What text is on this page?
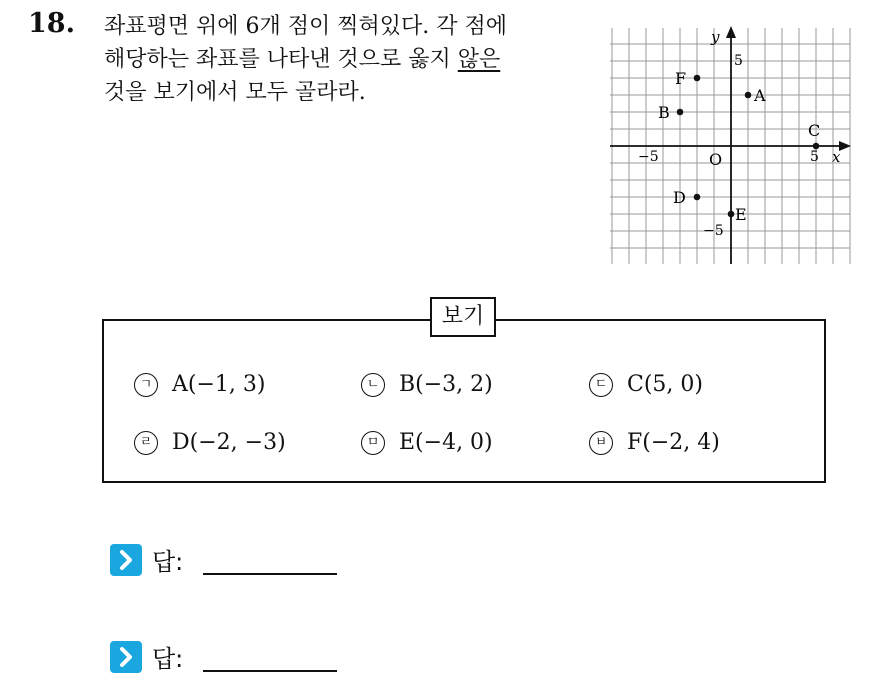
18. 좌표평면 위에 6개 점이 찍혀있다. 각 점에
해당하는 좌표를 나타낸 것으로 옳지 않은
것을 보기에서 모두 골라라.
x
y
O
−5	5
5
−5
A
B
C
D
E
F
보기
ㄱ A(−1, 3)	ㄴ B(−3, 2)	ㄷ C(5, 0)
ㄹ D(−2, −3)	ㅁ E(−4, 0)	ㅂ F(−2, 4)
답:
답:
